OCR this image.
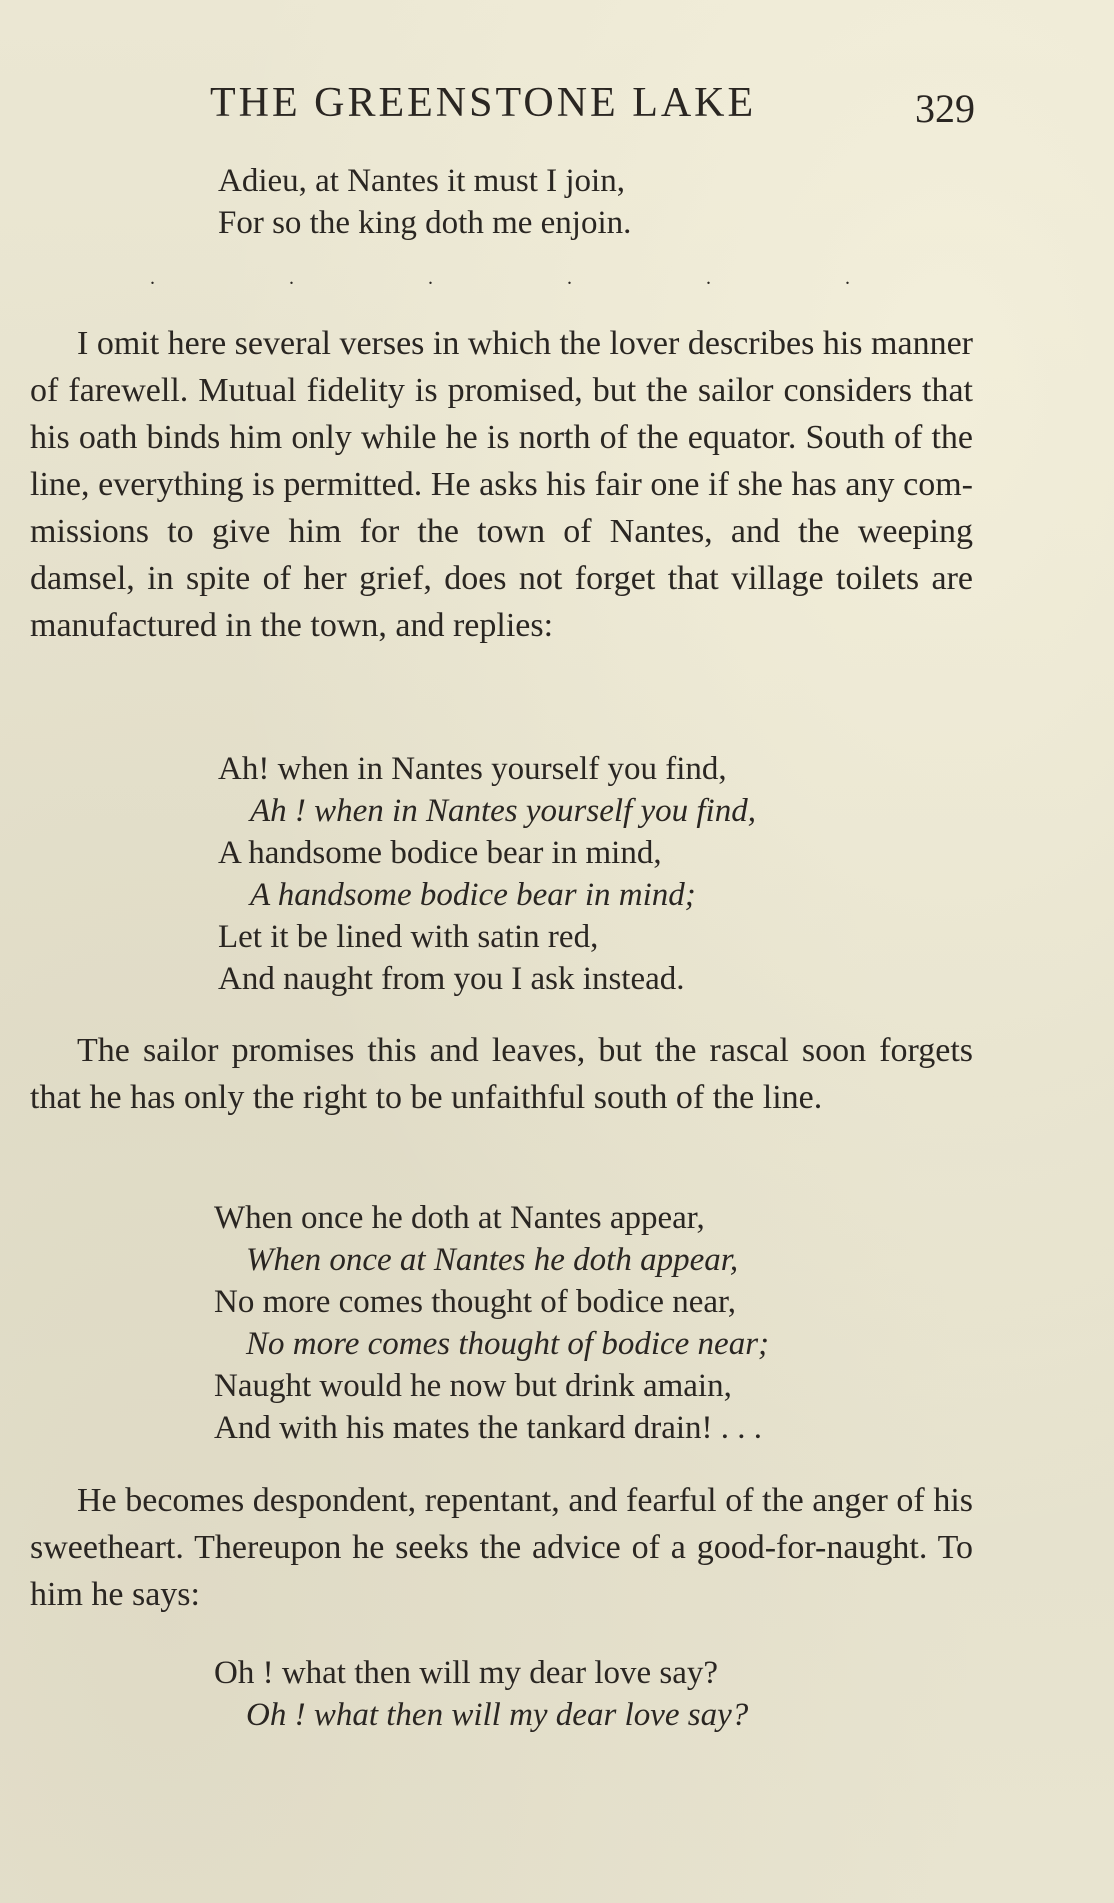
THE GREENSTONE LAKE	329
Adieu, at Nantes it must I join,
For so the king doth me enjoin.
.	.	.	.	.	.

I omit here several verses in which the lover describes his manner of farewell. Mutual fidelity is promised, but the sailor considers that his oath binds him only while he is north of the equator. South of the line, everything is permitted. He asks his fair one if she has any commissions to give him for the town of Nantes, and the weeping damsel, in spite of her grief, does not forget that village toilets are manufactured in the town, and replies:

Ah! when in Nantes yourself you find,
Ah ! when in Nantes yourself you find,
A handsome bodice bear in mind,
A handsome bodice bear in mind;
Let it be lined with satin red,
And naught from you I ask instead.

The sailor promises this and leaves, but the rascal soon forgets that he has only the right to be unfaithful south of the line.

When once he doth at Nantes appear,
When once at Nantes he doth appear,
No more comes thought of bodice near,
No more comes thought of bodice near;
Naught would he now but drink amain,
And with his mates the tankard drain! . . .

He becomes despondent, repentant, and fearful of the anger of his sweetheart. Thereupon he seeks the advice of a good-for-naught. To him he says:

Oh ! what then will my dear love say?
Oh ! what then will my dear love say?
